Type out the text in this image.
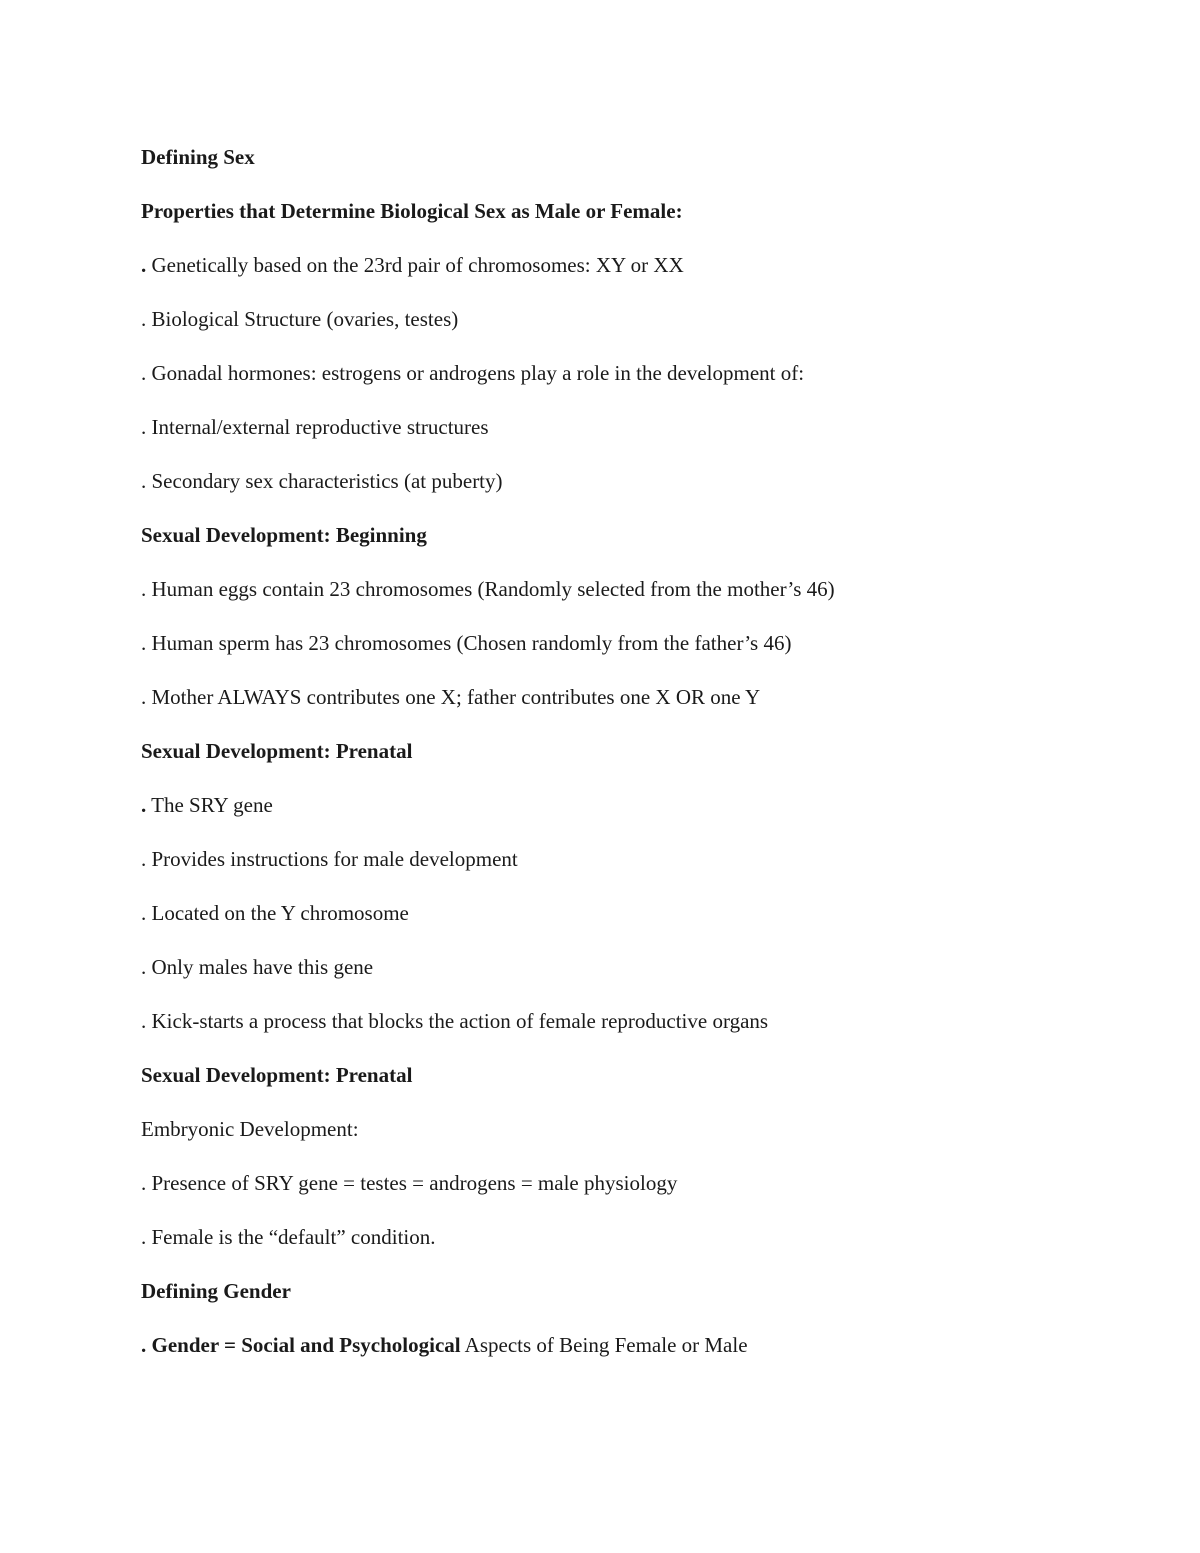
Defining Sex

Properties that Determine Biological Sex as Male or Female:

. Genetically based on the 23rd pair of chromosomes: XY or XX

. Biological Structure (ovaries, testes)

. Gonadal hormones: estrogens or androgens play a role in the development of:

. Internal/external reproductive structures

. Secondary sex characteristics (at puberty)

Sexual Development: Beginning

. Human eggs contain 23 chromosomes (Randomly selected from the mother’s 46)

. Human sperm has 23 chromosomes (Chosen randomly from the father’s 46)

. Mother ALWAYS contributes one X; father contributes one X OR one Y

Sexual Development: Prenatal

. The SRY gene

. Provides instructions for male development

. Located on the Y chromosome

. Only males have this gene

. Kick-starts a process that blocks the action of female reproductive organs

Sexual Development: Prenatal

Embryonic Development:

. Presence of SRY gene = testes = androgens = male physiology

. Female is the “default” condition.

Defining Gender

. Gender = Social and Psychological Aspects of Being Female or Male
